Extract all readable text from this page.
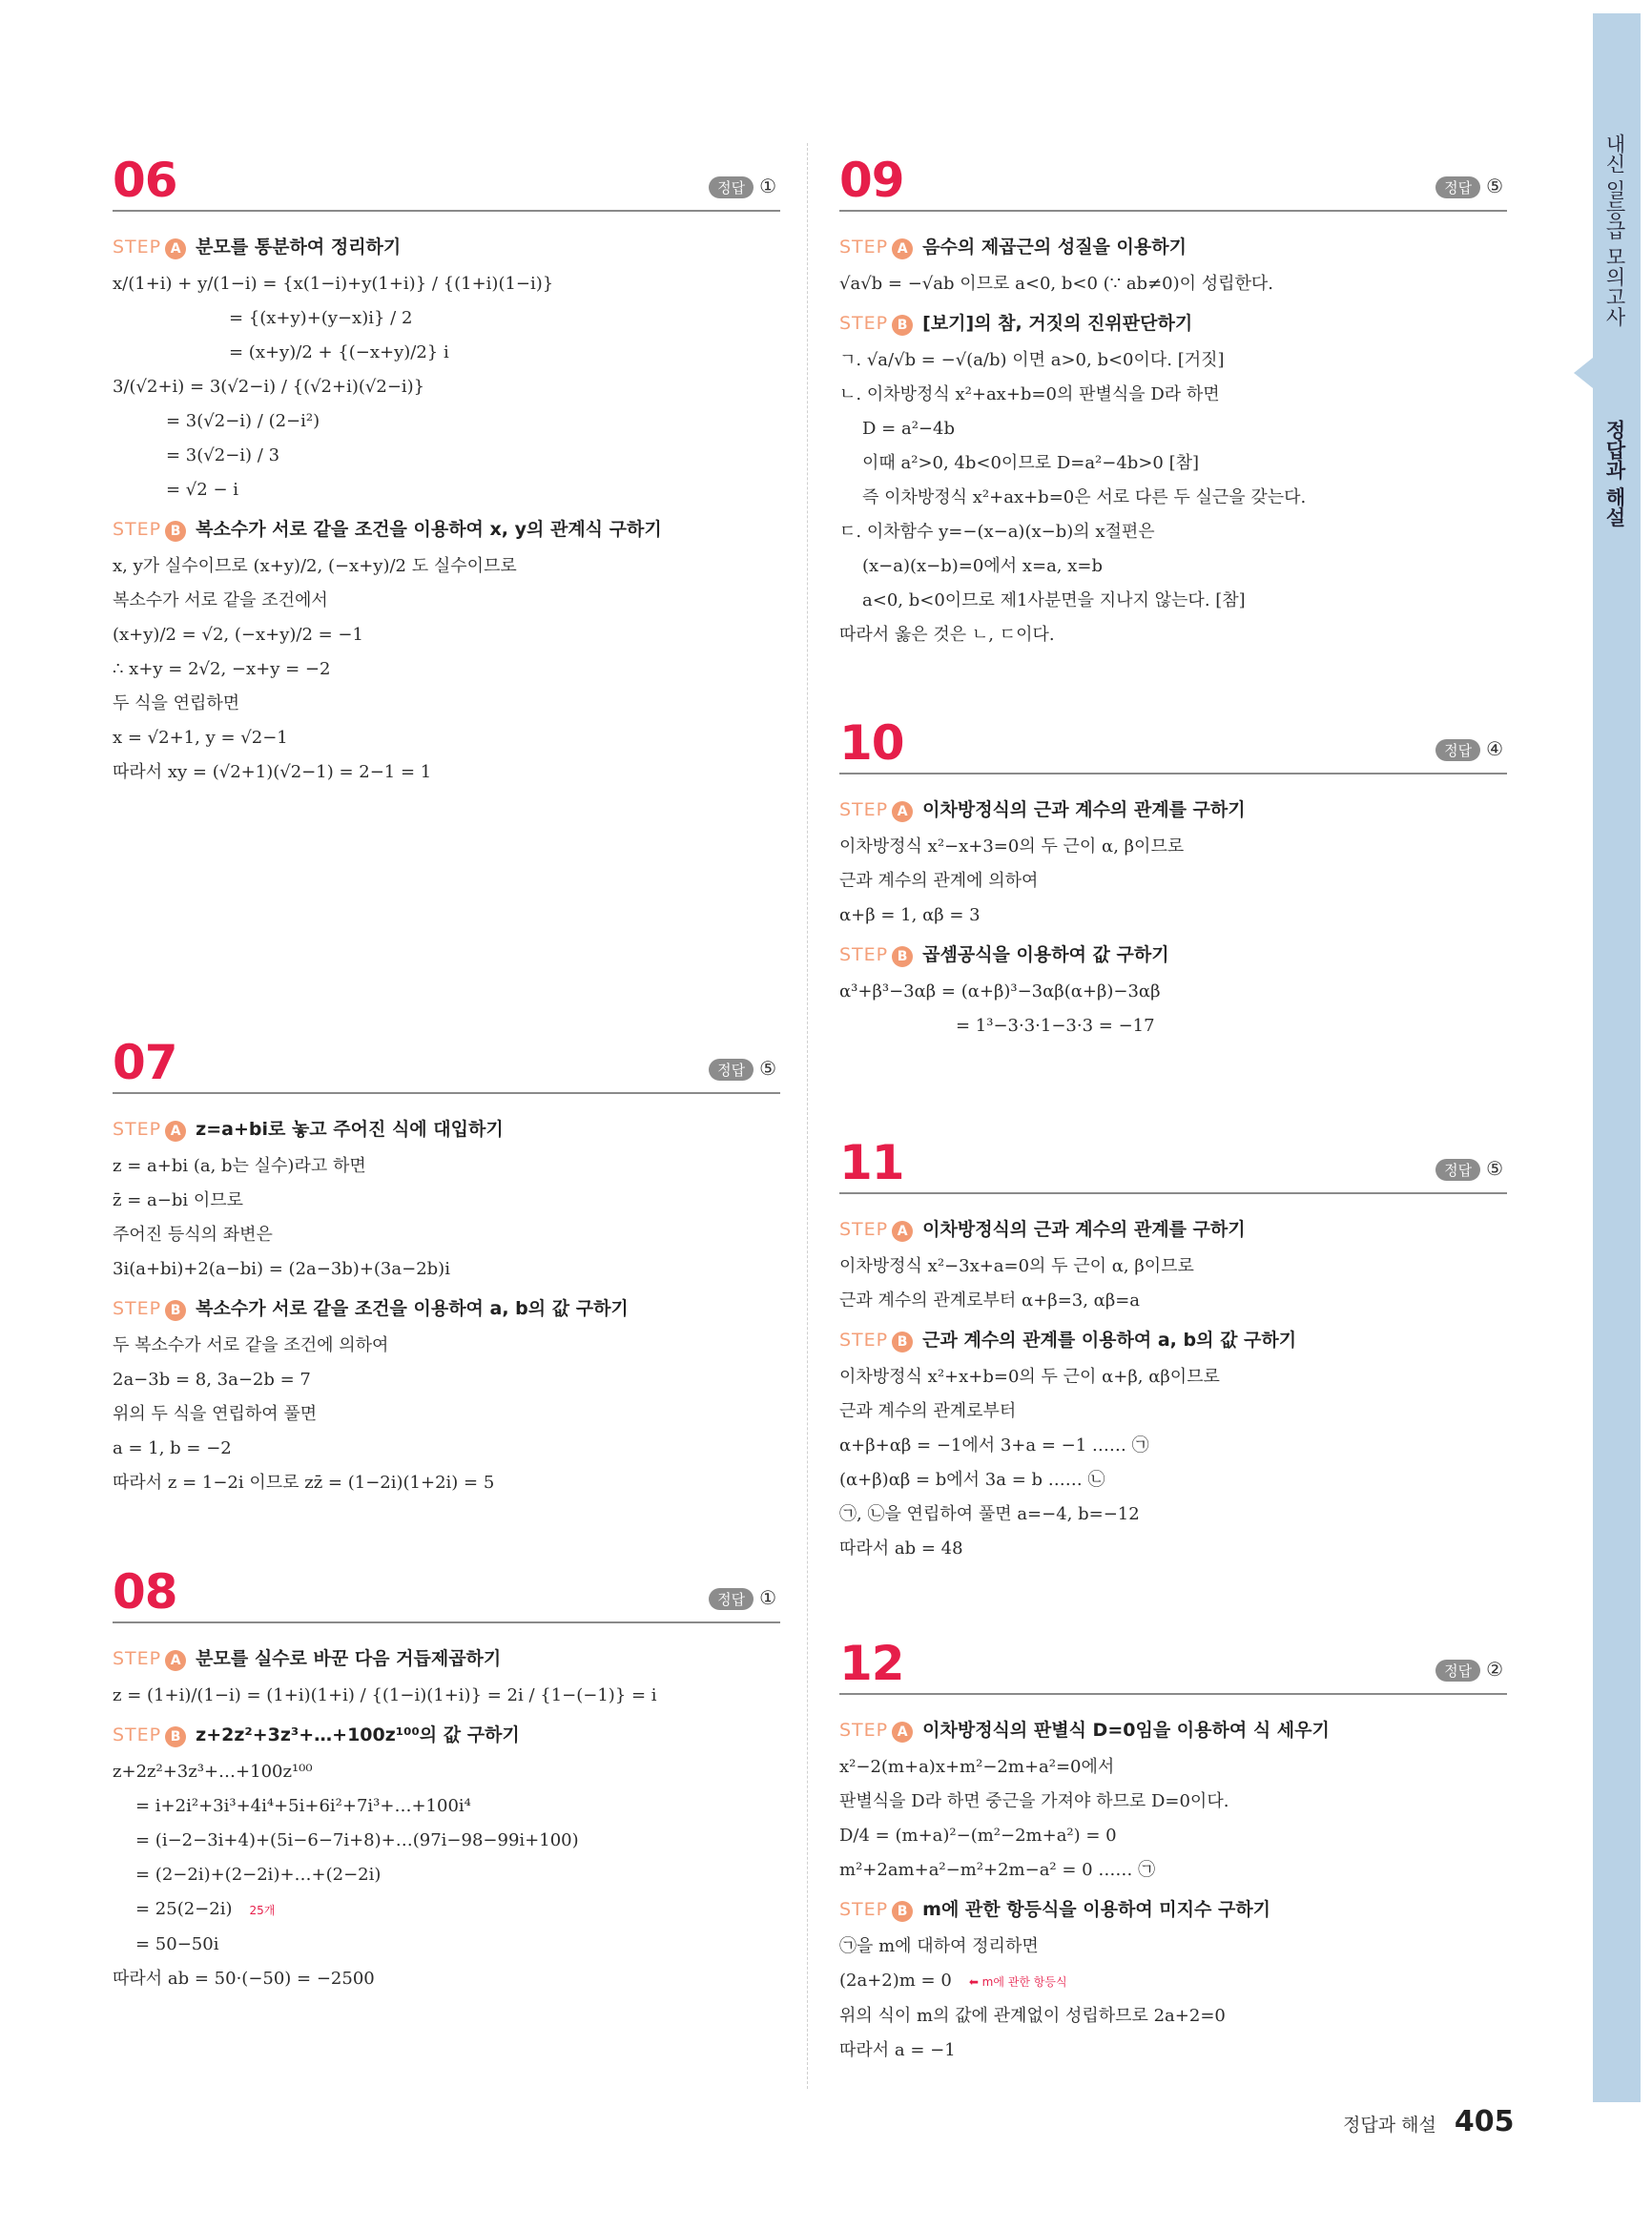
내신 일등급 모의고사
정답과 해설
06	정답 ①
STEP A 분모를 통분하여 정리하기
x/(1+i) + y/(1−i) = {x(1−i)+y(1+i)} / {(1+i)(1−i)}
= {(x+y)+(y−x)i} / 2
= (x+y)/2 + {(−x+y)/2} i
3/(√2+i) = 3(√2−i) / {(√2+i)(√2−i)}
= 3(√2−i) / (2−i²)
= 3(√2−i) / 3
= √2 − i
STEP B 복소수가 서로 같을 조건을 이용하여 x, y의 관계식 구하기
x, y가 실수이므로 (x+y)/2, (−x+y)/2 도 실수이므로
복소수가 서로 같을 조건에서
(x+y)/2 = √2, (−x+y)/2 = −1
∴ x+y = 2√2, −x+y = −2
두 식을 연립하면
x = √2+1, y = √2−1
따라서 xy = (√2+1)(√2−1) = 2−1 = 1
07	정답 ⑤
STEP A z=a+bi로 놓고 주어진 식에 대입하기
z = a+bi (a, b는 실수)라고 하면
z̄ = a−bi 이므로
주어진 등식의 좌변은
3i(a+bi)+2(a−bi) = (2a−3b)+(3a−2b)i
STEP B 복소수가 서로 같을 조건을 이용하여 a, b의 값 구하기
두 복소수가 서로 같을 조건에 의하여
2a−3b = 8, 3a−2b = 7
위의 두 식을 연립하여 풀면
a = 1, b = −2
따라서 z = 1−2i 이므로 zz̄ = (1−2i)(1+2i) = 5
08	정답 ①
STEP A 분모를 실수로 바꾼 다음 거듭제곱하기
z = (1+i)/(1−i) = (1+i)(1+i) / {(1−i)(1+i)} = 2i / {1−(−1)} = i
STEP B z+2z²+3z³+…+100z¹⁰⁰의 값 구하기
z+2z²+3z³+…+100z¹⁰⁰
= i+2i²+3i³+4i⁴+5i+6i²+7i³+…+100i⁴
= (i−2−3i+4)+(5i−6−7i+8)+…(97i−98−99i+100)
= (2−2i)+(2−2i)+…+(2−2i)
= 25(2−2i) 25개
= 50−50i
따라서 ab = 50·(−50) = −2500
09	정답 ⑤
STEP A 음수의 제곱근의 성질을 이용하기
√a√b = −√ab 이므로 a<0, b<0 (∵ ab≠0)이 성립한다.
STEP B [보기]의 참, 거짓의 진위판단하기
ㄱ. √a/√b = −√(a/b) 이면 a>0, b<0이다. [거짓]
ㄴ. 이차방정식 x²+ax+b=0의 판별식을 D라 하면
D = a²−4b
이때 a²>0, 4b<0이므로 D=a²−4b>0 [참]
즉 이차방정식 x²+ax+b=0은 서로 다른 두 실근을 갖는다.
ㄷ. 이차함수 y=−(x−a)(x−b)의 x절편은
(x−a)(x−b)=0에서 x=a, x=b
a<0, b<0이므로 제1사분면을 지나지 않는다. [참]
따라서 옳은 것은 ㄴ, ㄷ이다.
10	정답 ④
STEP A 이차방정식의 근과 계수의 관계를 구하기
이차방정식 x²−x+3=0의 두 근이 α, β이므로
근과 계수의 관계에 의하여
α+β = 1, αβ = 3
STEP B 곱셈공식을 이용하여 값 구하기
α³+β³−3αβ = (α+β)³−3αβ(α+β)−3αβ
= 1³−3·3·1−3·3 = −17
11	정답 ⑤
STEP A 이차방정식의 근과 계수의 관계를 구하기
이차방정식 x²−3x+a=0의 두 근이 α, β이므로
근과 계수의 관계로부터 α+β=3, αβ=a
STEP B 근과 계수의 관계를 이용하여 a, b의 값 구하기
이차방정식 x²+x+b=0의 두 근이 α+β, αβ이므로
근과 계수의 관계로부터
α+β+αβ = −1에서 3+a = −1 …… ㉠
(α+β)αβ = b에서 3a = b …… ㉡
㉠, ㉡을 연립하여 풀면 a=−4, b=−12
따라서 ab = 48
12	정답 ②
STEP A 이차방정식의 판별식 D=0임을 이용하여 식 세우기
x²−2(m+a)x+m²−2m+a²=0에서
판별식을 D라 하면 중근을 가져야 하므로 D=0이다.
D/4 = (m+a)²−(m²−2m+a²) = 0
m²+2am+a²−m²+2m−a² = 0 …… ㉠
STEP B m에 관한 항등식을 이용하여 미지수 구하기
㉠을 m에 대하여 정리하면
(2a+2)m = 0 ⬅ m에 관한 항등식
위의 식이 m의 값에 관계없이 성립하므로 2a+2=0
따라서 a = −1
정답과 해설 405
